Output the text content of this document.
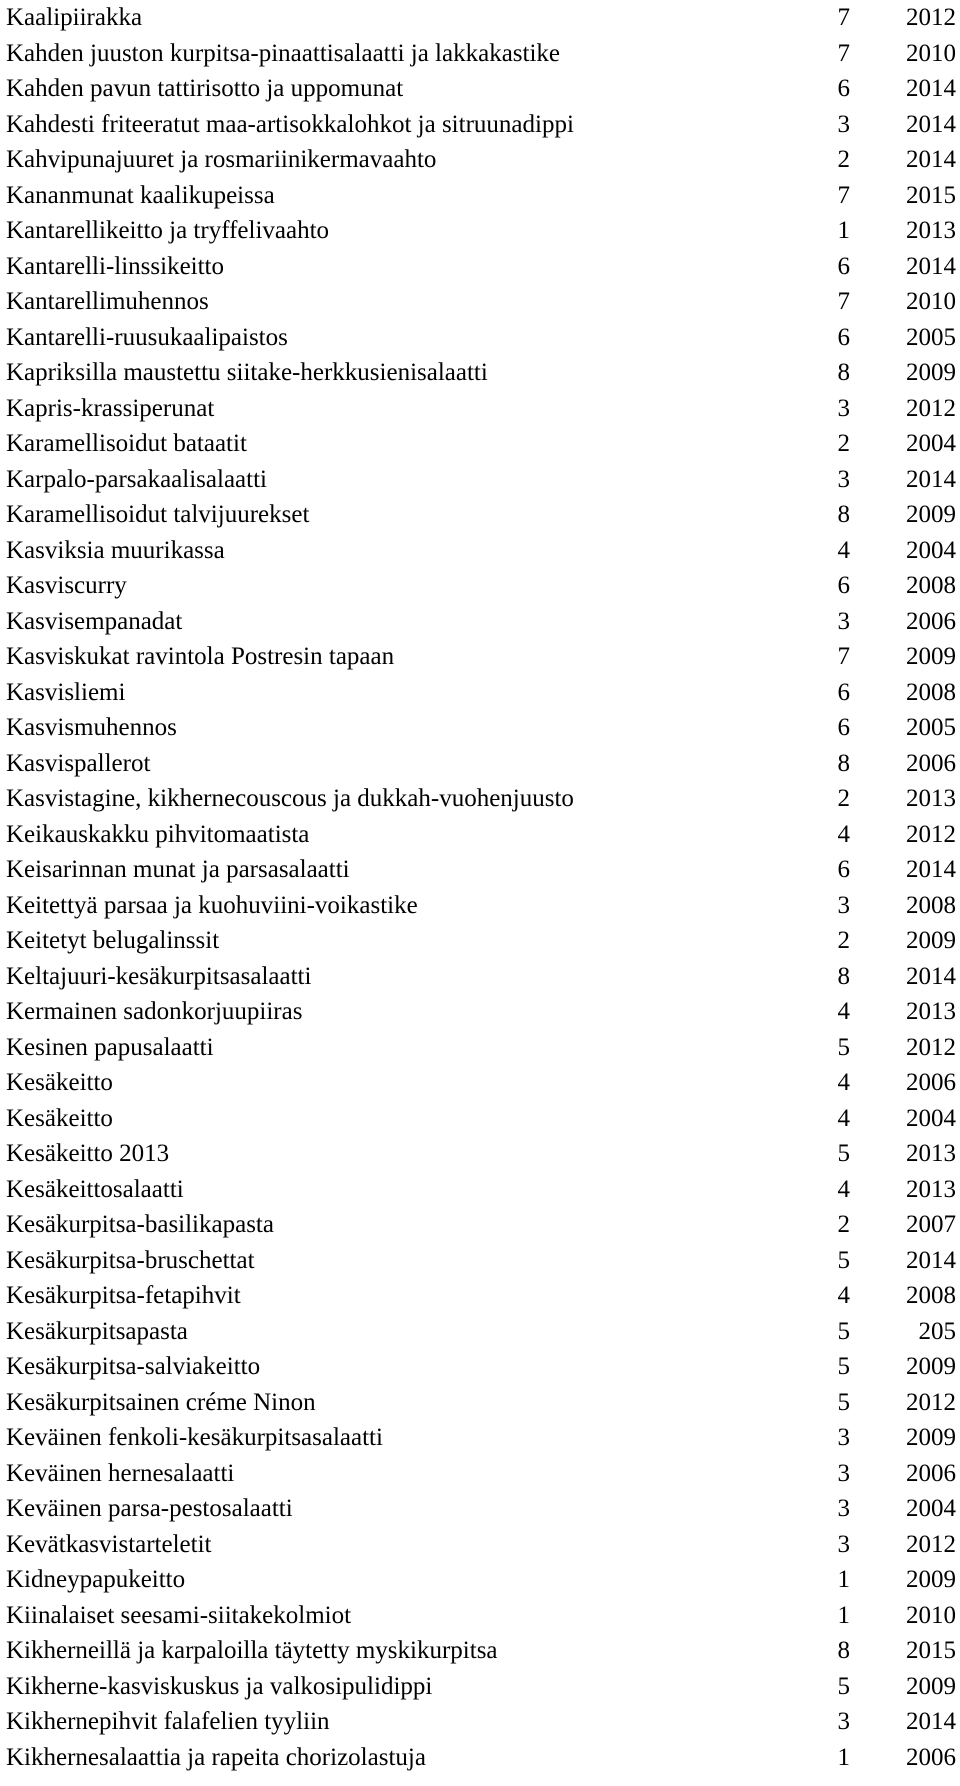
Kaalipiirakka	7	2012
Kahden juuston kurpitsa-pinaattisalaatti ja lakkakastike	7	2010
Kahden pavun tattirisotto ja uppomunat	6	2014
Kahdesti friteeratut maa-artisokkalohkot ja sitruunadippi	3	2014
Kahvipunajuuret ja rosmariinikermavaahto	2	2014
Kananmunat kaalikupeissa	7	2015
Kantarellikeitto ja tryffelivaahto	1	2013
Kantarelli-linssikeitto	6	2014
Kantarellimuhennos	7	2010
Kantarelli-ruusukaalipaistos	6	2005
Kapriksilla maustettu siitake-herkkusienisalaatti	8	2009
Kapris-krassiperunat	3	2012
Karamellisoidut bataatit	2	2004
Karpalo-parsakaalisalaatti	3	2014
Karamellisoidut talvijuurekset	8	2009
Kasviksia muurikassa	4	2004
Kasviscurry	6	2008
Kasvisempanadat	3	2006
Kasviskukat ravintola Postresin tapaan	7	2009
Kasvisliemi	6	2008
Kasvismuhennos	6	2005
Kasvispallerot	8	2006
Kasvistagine, kikhernecouscous ja dukkah-vuohenjuusto	2	2013
Keikauskakku pihvitomaatista	4	2012
Keisarinnan munat ja parsasalaatti	6	2014
Keitettyä parsaa ja kuohuviini-voikastike	3	2008
Keitetyt belugalinssit	2	2009
Keltajuuri-kesäkurpitsasalaatti	8	2014
Kermainen sadonkorjuupiiras	4	2013
Kesinen papusalaatti	5	2012
Kesäkeitto	4	2006
Kesäkeitto	4	2004
Kesäkeitto 2013	5	2013
Kesäkeittosalaatti	4	2013
Kesäkurpitsa-basilikapasta	2	2007
Kesäkurpitsa-bruschettat	5	2014
Kesäkurpitsa-fetapihvit	4	2008
Kesäkurpitsapasta	5	205
Kesäkurpitsa-salviakeitto	5	2009
Kesäkurpitsainen créme Ninon	5	2012
Keväinen fenkoli-kesäkurpitsasalaatti	3	2009
Keväinen hernesalaatti	3	2006
Keväinen parsa-pestosalaatti	3	2004
Kevätkasvistarteletit	3	2012
Kidneypapukeitto	1	2009
Kiinalaiset seesami-siitakekolmiot	1	2010
Kikherneillä ja karpaloilla täytetty myskikurpitsa	8	2015
Kikherne-kasviskuskus ja valkosipulidippi	5	2009
Kikhernepihvit falafelien tyyliin	3	2014
Kikhernesalaattia ja rapeita chorizolastuja	1	2006
